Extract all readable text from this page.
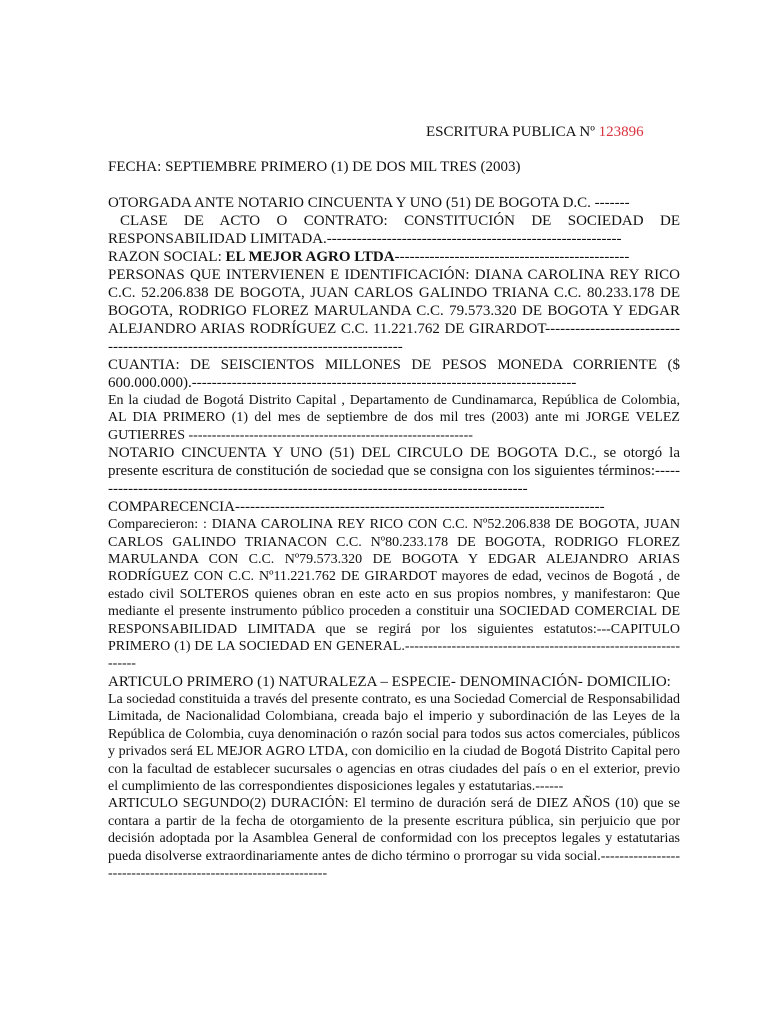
ESCRITURA PUBLICA Nº 123896

FECHA: SEPTIEMBRE PRIMERO (1) DE DOS MIL TRES (2003)

OTORGADA ANTE NOTARIO CINCUENTA Y UNO (51) DE BOGOTA D.C. -------

CLASE DE ACTO O CONTRATO: CONSTITUCIÓN DE SOCIEDAD DE RESPONSABILIDAD LIMITADA.-----------------------------------------------------------

RAZON SOCIAL: EL MEJOR AGRO LTDA-----------------------------------------------

PERSONAS QUE INTERVIENEN E IDENTIFICACIÓN: DIANA CAROLINA REY RICO C.C. 52.206.838 DE BOGOTA, JUAN CARLOS GALINDO TRIANA C.C. 80.233.178 DE BOGOTA, RODRIGO FLOREZ MARULANDA C.C. 79.573.320 DE BOGOTA Y EDGAR ALEJANDRO ARIAS RODRÍGUEZ C.C. 11.221.762 DE GIRARDOT--------------------------------------------------------------------------------------

CUANTIA: DE SEISCIENTOS MILLONES DE PESOS MONEDA CORRIENTE ($ 600.000.000).-----------------------------------------------------------------------------

En la ciudad de Bogotá Distrito Capital , Departamento de Cundinamarca, República de Colombia, AL DIA PRIMERO (1) del mes de septiembre de dos mil tres (2003) ante mi JORGE VELEZ GUTIERRES -------------------------------------------------------------

NOTARIO CINCUENTA Y UNO (51) DEL CIRCULO DE BOGOTA D.C., se otorgó la presente escritura de constitución de sociedad que se consigna con los siguientes términos:-----------------------------------------------------------------------------------------

COMPARECENCIA--------------------------------------------------------------------------

Comparecieron: : DIANA CAROLINA REY RICO CON C.C. Nº52.206.838 DE BOGOTA, JUAN CARLOS GALINDO TRIANACON C.C. Nº80.233.178 DE BOGOTA, RODRIGO FLOREZ MARULANDA CON C.C. Nº79.573.320 DE BOGOTA Y EDGAR ALEJANDRO ARIAS RODRÍGUEZ CON C.C. Nº11.221.762 DE GIRARDOT mayores de edad, vecinos de Bogotá , de estado civil SOLTEROS quienes obran en este acto en sus propios nombres, y manifestaron: Que mediante el presente instrumento público proceden a constituir una SOCIEDAD COMERCIAL DE RESPONSABILIDAD LIMITADA que se regirá por los siguientes estatutos:---CAPITULO PRIMERO (1) DE LA SOCIEDAD EN GENERAL.-----------------------------------------------------------------

ARTICULO PRIMERO (1) NATURALEZA – ESPECIE- DENOMINACIÓN- DOMICILIO:

La sociedad constituida a través del presente contrato, es una Sociedad Comercial de Responsabilidad Limitada, de Nacionalidad Colombiana, creada bajo el imperio y subordinación de las Leyes de la República de Colombia, cuya denominación o razón social para todos sus actos comerciales, públicos y privados será EL MEJOR AGRO LTDA, con domicilio en la ciudad de Bogotá Distrito Capital pero con la facultad de establecer sucursales o agencias en otras ciudades del país o en el exterior, previo el cumplimiento de las correspondientes disposiciones legales y estatutarias.------

ARTICULO SEGUNDO(2) DURACIÓN: El termino de duración será de DIEZ AÑOS (10) que se contara a partir de la fecha de otorgamiento de la presente escritura pública, sin perjuicio que por decisión adoptada por la Asamblea General de conformidad con los preceptos legales y estatutarias pueda disolverse extraordinariamente antes de dicho término o prorrogar su vida social.----------------------------------------------------------------
